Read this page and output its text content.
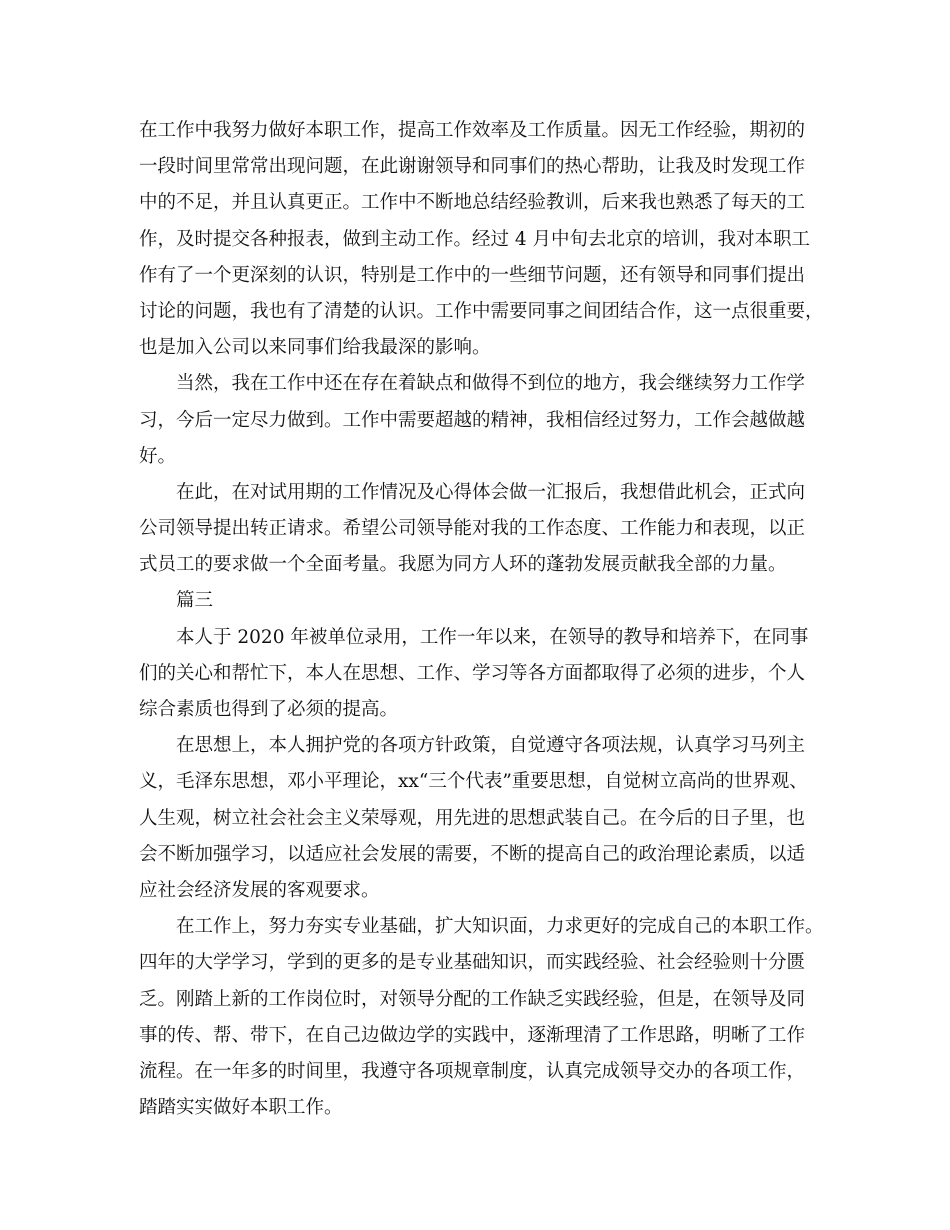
在工作中我努力做好本职工作，提高工作效率及工作质量。因无工作经验，期初的
一段时间里常常出现问题，在此谢谢领导和同事们的热心帮助，让我及时发现工作
中的不足，并且认真更正。工作中不断地总结经验教训，后来我也熟悉了每天的工
作，及时提交各种报表，做到主动工作。经过 4 月中旬去北京的培训，我对本职工
作有了一个更深刻的认识，特别是工作中的一些细节问题，还有领导和同事们提出
讨论的问题，我也有了清楚的认识。工作中需要同事之间团结合作，这一点很重要，
也是加入公司以来同事们给我最深的影响。
当然，我在工作中还在存在着缺点和做得不到位的地方，我会继续努力工作学
习，今后一定尽力做到。工作中需要超越的精神，我相信经过努力，工作会越做越
好。
在此，在对试用期的工作情况及心得体会做一汇报后，我想借此机会，正式向
公司领导提出转正请求。希望公司领导能对我的工作态度、工作能力和表现，以正
式员工的要求做一个全面考量。我愿为同方人环的蓬勃发展贡献我全部的力量。
篇三
本人于 2020 年被单位录用，工作一年以来，在领导的教导和培养下，在同事
们的关心和帮忙下，本人在思想、工作、学习等各方面都取得了必须的进步，个人
综合素质也得到了必须的提高。
在思想上，本人拥护党的各项方针政策，自觉遵守各项法规，认真学习马列主
义，毛泽东思想，邓小平理论，xx“三个代表”重要思想，自觉树立高尚的世界观、
人生观，树立社会社会主义荣辱观，用先进的思想武装自己。在今后的日子里，也
会不断加强学习，以适应社会发展的需要，不断的提高自己的政治理论素质，以适
应社会经济发展的客观要求。
在工作上，努力夯实专业基础，扩大知识面，力求更好的完成自己的本职工作。
四年的大学学习，学到的更多的是专业基础知识，而实践经验、社会经验则十分匮
乏。刚踏上新的工作岗位时，对领导分配的工作缺乏实践经验，但是，在领导及同
事的传、帮、带下，在自己边做边学的实践中，逐渐理清了工作思路，明晰了工作
流程。在一年多的时间里，我遵守各项规章制度，认真完成领导交办的各项工作，
踏踏实实做好本职工作。
